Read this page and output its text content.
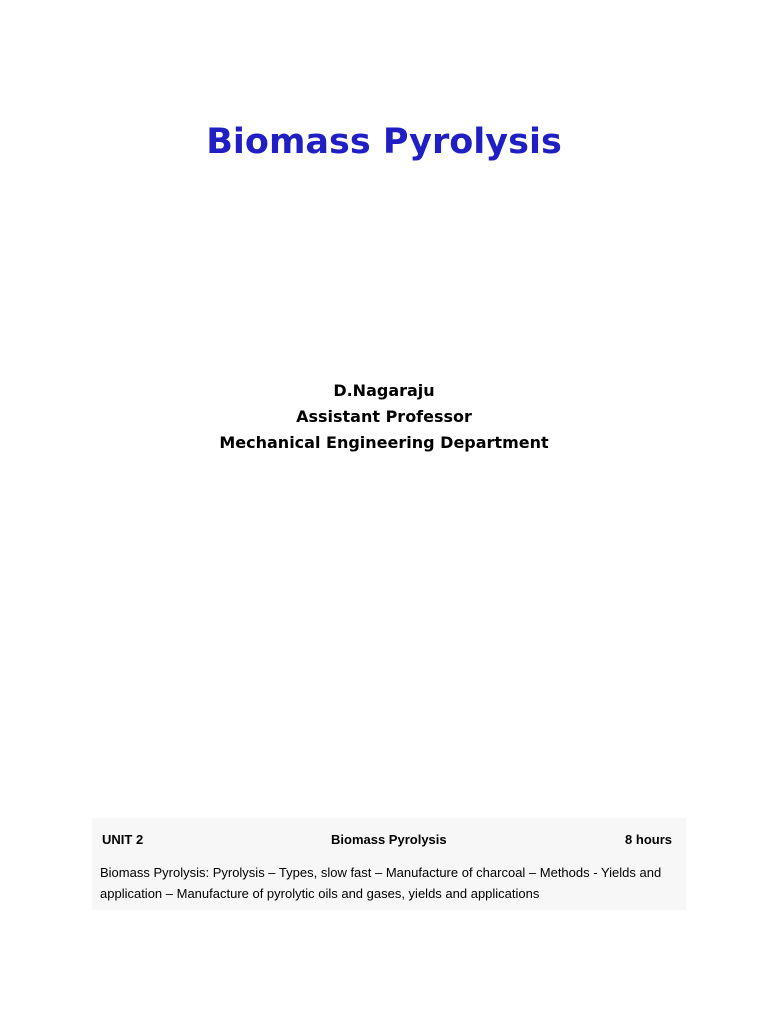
Biomass Pyrolysis
D.Nagaraju
Assistant Professor
Mechanical Engineering Department
UNIT 2	Biomass Pyrolysis	8 hours
Biomass Pyrolysis: Pyrolysis – Types, slow fast – Manufacture of charcoal – Methods - Yields and
application – Manufacture of pyrolytic oils and gases, yields and applications
